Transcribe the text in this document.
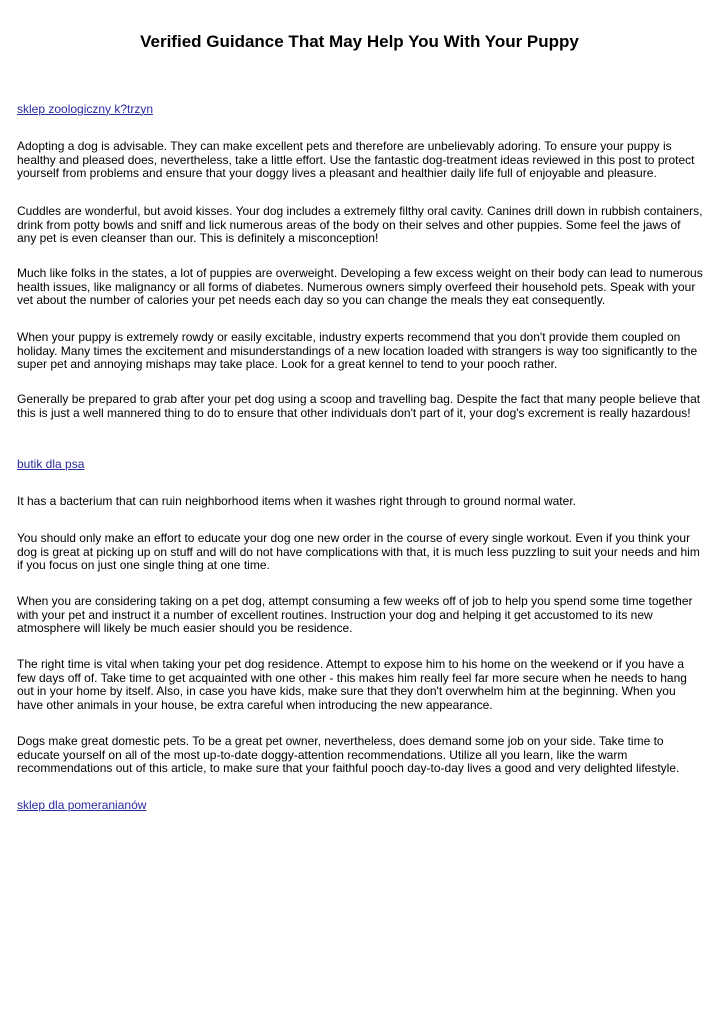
Verified Guidance That May Help You With Your Puppy
sklep zoologiczny k?trzyn

Adopting a dog is advisable. They can make excellent pets and therefore are unbelievably adoring. To ensure your puppy is healthy and pleased does, nevertheless, take a little effort. Use the fantastic dog-treatment ideas reviewed in this post to protect yourself from problems and ensure that your doggy lives a pleasant and healthier daily life full of enjoyable and pleasure.

Cuddles are wonderful, but avoid kisses. Your dog includes a extremely filthy oral cavity. Canines drill down in rubbish containers, drink from potty bowls and sniff and lick numerous areas of the body on their selves and other puppies. Some feel the jaws of any pet is even cleanser than our. This is definitely a misconception!

Much like folks in the states, a lot of puppies are overweight. Developing a few excess weight on their body can lead to numerous health issues, like malignancy or all forms of diabetes. Numerous owners simply overfeed their household pets. Speak with your vet about the number of calories your pet needs each day so you can change the meals they eat consequently.

When your puppy is extremely rowdy or easily excitable, industry experts recommend that you don't provide them coupled on holiday. Many times the excitement and misunderstandings of a new location loaded with strangers is way too significantly to the super pet and annoying mishaps may take place. Look for a great kennel to tend to your pooch rather.

Generally be prepared to grab after your pet dog using a scoop and travelling bag. Despite the fact that many people believe that this is just a well mannered thing to do to ensure that other individuals don't part of it, your dog's excrement is really hazardous!

butik dla psa

It has a bacterium that can ruin neighborhood items when it washes right through to ground normal water.

You should only make an effort to educate your dog one new order in the course of every single workout. Even if you think your dog is great at picking up on stuff and will do not have complications with that, it is much less puzzling to suit your needs and him if you focus on just one single thing at one time.

When you are considering taking on a pet dog, attempt consuming a few weeks off of job to help you spend some time together with your pet and instruct it a number of excellent routines. Instruction your dog and helping it get accustomed to its new atmosphere will likely be much easier should you be residence.

The right time is vital when taking your pet dog residence. Attempt to expose him to his home on the weekend or if you have a few days off of. Take time to get acquainted with one other - this makes him really feel far more secure when he needs to hang out in your home by itself. Also, in case you have kids, make sure that they don't overwhelm him at the beginning. When you have other animals in your house, be extra careful when introducing the new appearance.

Dogs make great domestic pets. To be a great pet owner, nevertheless, does demand some job on your side. Take time to educate yourself on all of the most up-to-date doggy-attention recommendations. Utilize all you learn, like the warm recommendations out of this article, to make sure that your faithful pooch day-to-day lives a good and very delighted lifestyle.

sklep dla pomeranianów
